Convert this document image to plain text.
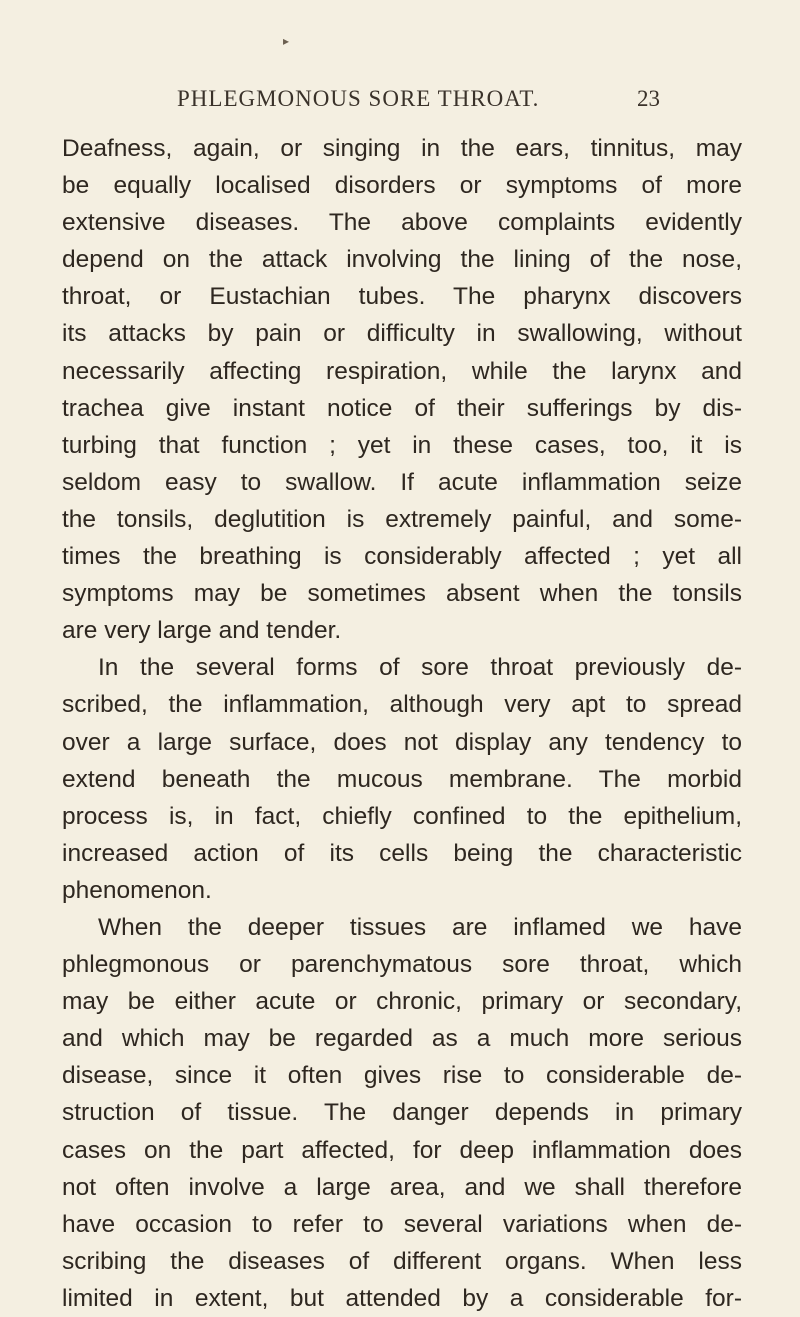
▸
PHLEGMONOUS SORE THROAT.	23
Deafness, again, or singing in the ears, tinnitus, may
be equally localised disorders or symptoms of more
extensive diseases. The above complaints evidently
depend on the attack involving the lining of the nose,
throat, or Eustachian tubes. The pharynx discovers
its attacks by pain or difficulty in swallowing, without
necessarily affecting respiration, while the larynx and
trachea give instant notice of their sufferings by dis-
turbing that function ; yet in these cases, too, it is
seldom easy to swallow. If acute inflammation seize
the tonsils, deglutition is extremely painful, and some-
times the breathing is considerably affected ; yet all
symptoms may be sometimes absent when the tonsils
are very large and tender.
In the several forms of sore throat previously de-
scribed, the inflammation, although very apt to spread
over a large surface, does not display any tendency to
extend beneath the mucous membrane. The morbid
process is, in fact, chiefly confined to the epithelium,
increased action of its cells being the characteristic
phenomenon.
When the deeper tissues are inflamed we have
phlegmonous or parenchymatous sore throat, which
may be either acute or chronic, primary or secondary,
and which may be regarded as a much more serious
disease, since it often gives rise to considerable de-
struction of tissue. The danger depends in primary
cases on the part affected, for deep inflammation does
not often involve a large area, and we shall therefore
have occasion to refer to several variations when de-
scribing the diseases of different organs. When less
limited in extent, but attended by a considerable for-
